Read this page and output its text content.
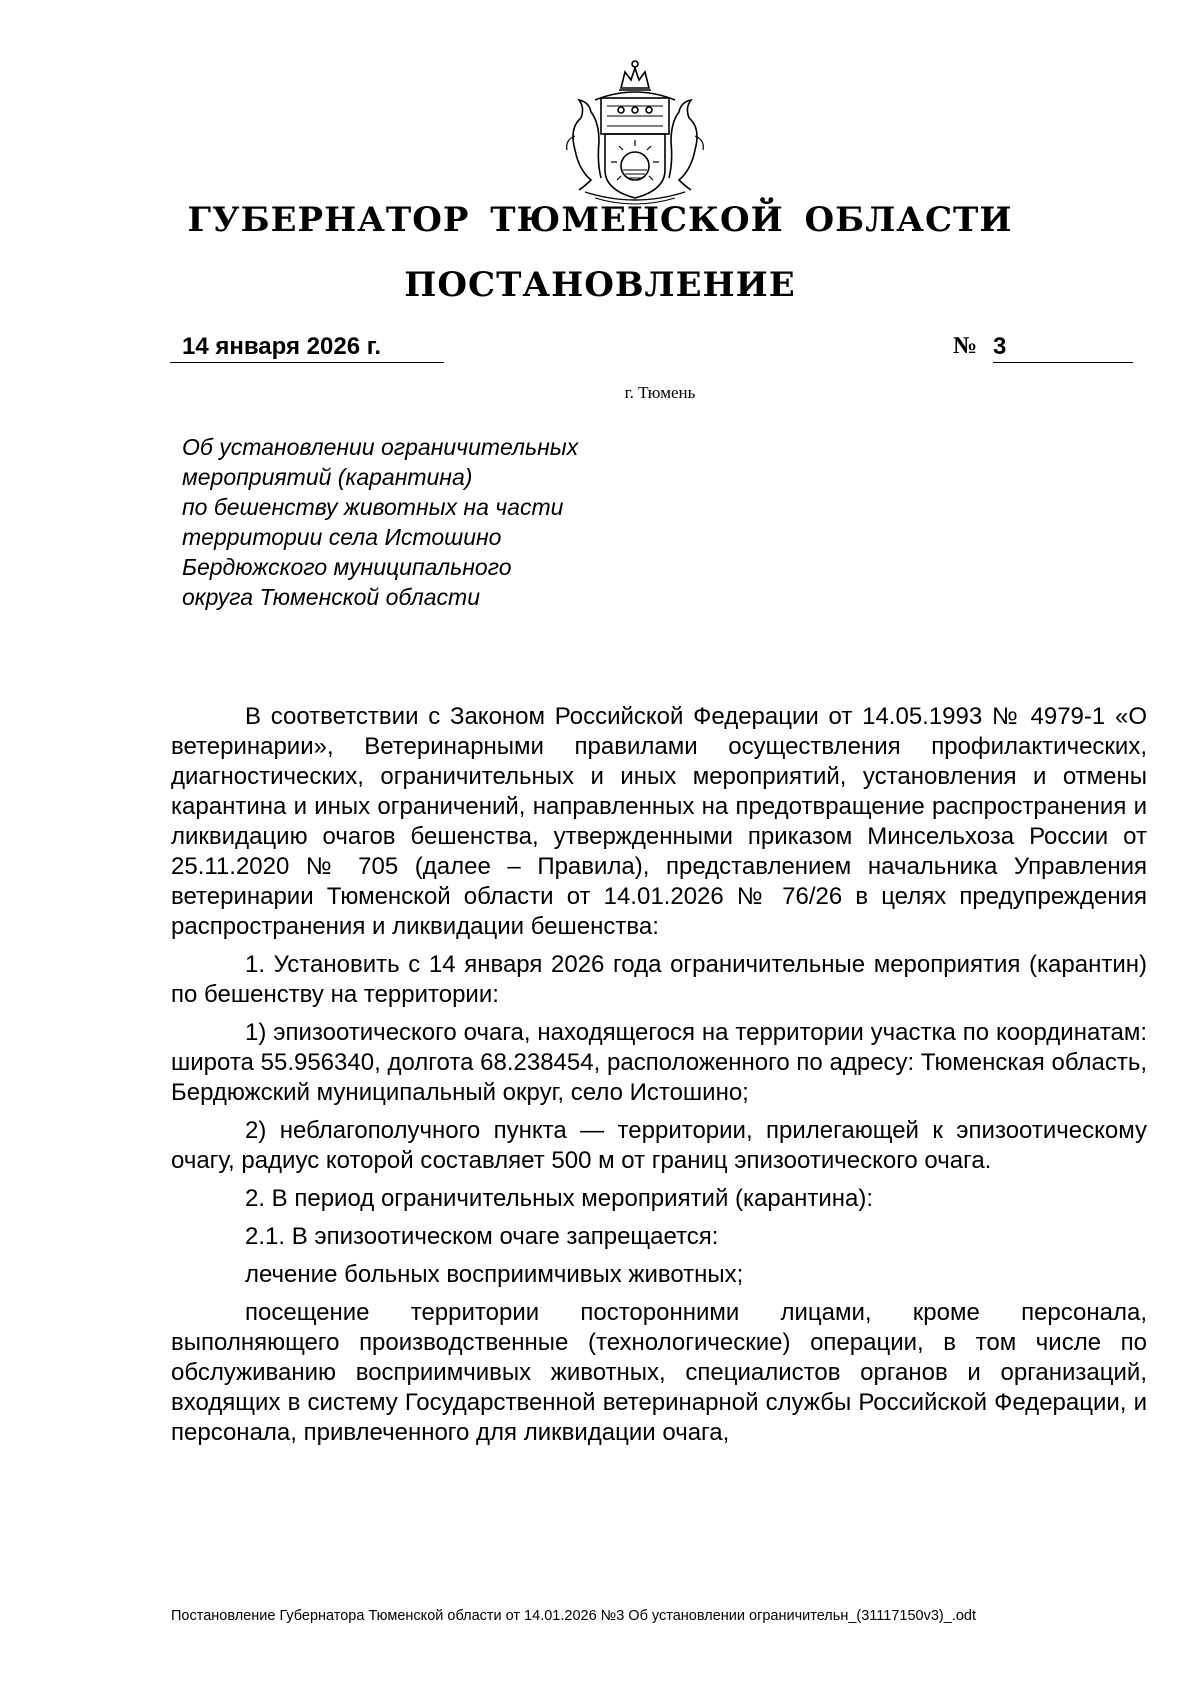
ГУБЕРНАТОР ТЮМЕНСКОЙ ОБЛАСТИ
ПОСТАНОВЛЕНИЕ
14 января 2026 г.	№ 3
г. Тюмень
Об установлении ограничительных
мероприятий (карантина)
по бешенству животных на части
территории села Истошино
Бердюжского муниципального
округа Тюменской области

В соответствии с Законом Российской Федерации от 14.05.1993 № 4979-1 «О ветеринарии», Ветеринарными правилами осуществления профилактических, диагностических, ограничительных и иных мероприятий, установления и отмены карантина и иных ограничений, направленных на предотвращение распространения и ликвидацию очагов бешенства, утвержденными приказом Минсельхоза России от 25.11.2020 № 705 (далее – Правила), представлением начальника Управления ветеринарии Тюменской области от 14.01.2026 № 76/26 в целях предупреждения распространения и ликвидации бешенства:

1. Установить с 14 января 2026 года ограничительные мероприятия (карантин) по бешенству на территории:

1) эпизоотического очага, находящегося на территории участка по координатам: широта 55.956340, долгота 68.238454, расположенного по адресу: Тюменская область, Бердюжский муниципальный округ, село Истошино;

2) неблагополучного пункта — территории, прилегающей к эпизоотическому очагу, радиус которой составляет 500 м от границ эпизоотического очага.

2. В период ограничительных мероприятий (карантина):

2.1. В эпизоотическом очаге запрещается:

лечение больных восприимчивых животных;

посещение территории посторонними лицами, кроме персонала, выполняющего производственные (технологические) операции, в том числе по обслуживанию восприимчивых животных, специалистов органов и организаций, входящих в систему Государственной ветеринарной службы Российской Федерации, и персонала, привлеченного для ликвидации очага,

Постановление Губернатора Тюменской области от 14.01.2026 №3 Об установлении ограничительн_(31117150v3)_.odt
